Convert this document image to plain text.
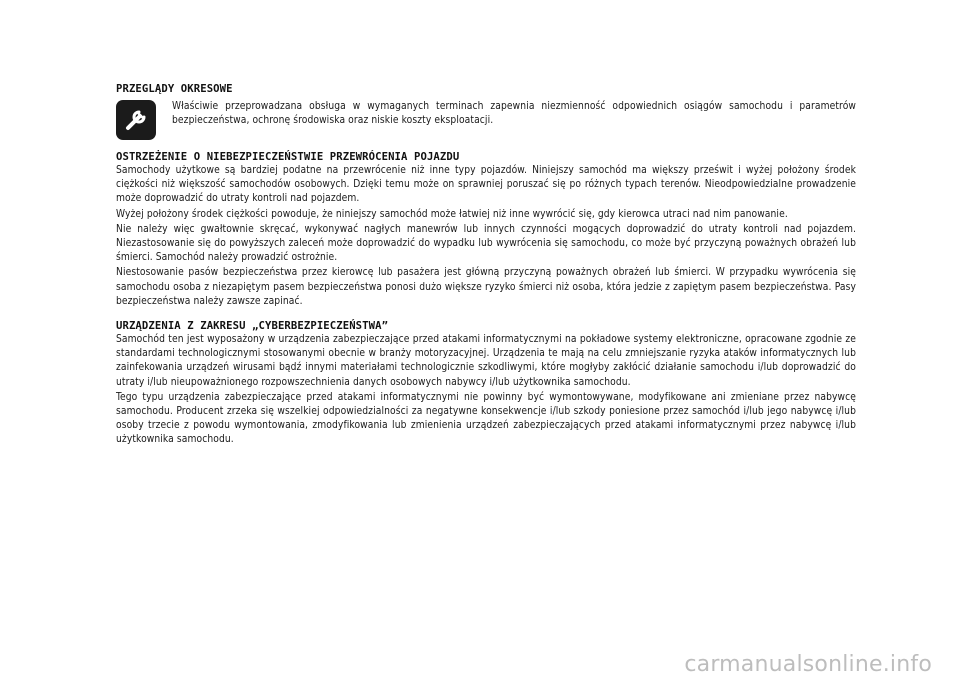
PRZEGLĄDY OKRESOWE

Właściwie przeprowadzana obsługa w wymaganych terminach zapewnia niezmienność odpowiednich osiągów samochodu i parametrów bezpieczeństwa, ochronę środowiska oraz niskie koszty eksploatacji.

OSTRZEŻENIE O NIEBEZPIECZEŃSTWIE PRZEWRÓCENIA POJAZDU

Samochody użytkowe są bardziej podatne na przewrócenie niż inne typy pojazdów. Niniejszy samochód ma większy prześwit i wyżej położony środek ciężkości niż większość samochodów osobowych. Dzięki temu może on sprawniej poruszać się po różnych typach terenów. Nieodpowiedzialne prowadzenie może doprowadzić do utraty kontroli nad pojazdem.

Wyżej położony środek ciężkości powoduje, że niniejszy samochód może łatwiej niż inne wywrócić się, gdy kierowca utraci nad nim panowanie.

Nie należy więc gwałtownie skręcać, wykonywać nagłych manewrów lub innych czynności mogących doprowadzić do utraty kontroli nad pojazdem. Niezastosowanie się do powyższych zaleceń może doprowadzić do wypadku lub wywrócenia się samochodu, co może być przyczyną poważnych obrażeń lub śmierci. Samochód należy prowadzić ostrożnie.

Niestosowanie pasów bezpieczeństwa przez kierowcę lub pasażera jest główną przyczyną poważnych obrażeń lub śmierci. W przypadku wywrócenia się samochodu osoba z niezapiętym pasem bezpieczeństwa ponosi dużo większe ryzyko śmierci niż osoba, która jedzie z zapiętym pasem bezpieczeństwa. Pasy bezpieczeństwa należy zawsze zapinać.

URZĄDZENIA Z ZAKRESU „CYBERBEZPIECZEŃSTWA”

Samochód ten jest wyposażony w urządzenia zabezpieczające przed atakami informatycznymi na pokładowe systemy elektroniczne, opracowane zgodnie ze standardami technologicznymi stosowanymi obecnie w branży motoryzacyjnej. Urządzenia te mają na celu zmniejszanie ryzyka ataków informatycznych lub zainfekowania urządzeń wirusami bądź innymi materiałami technologicznie szkodliwymi, które mogłyby zakłócić działanie samochodu i/lub doprowadzić do utraty i/lub nieupoważnionego rozpowszechnienia danych osobowych nabywcy i/lub użytkownika samochodu.

Tego typu urządzenia zabezpieczające przed atakami informatycznymi nie powinny być wymontowywane, modyfikowane ani zmieniane przez nabywcę samochodu. Producent zrzeka się wszelkiej odpowiedzialności za negatywne konsekwencje i/lub szkody poniesione przez samochód i/lub jego nabywcę i/lub osoby trzecie z powodu wymontowania, zmodyfikowania lub zmienienia urządzeń zabezpieczających przed atakami informatycznymi przez nabywcę i/lub użytkownika samochodu.

carmanualsonline.info
